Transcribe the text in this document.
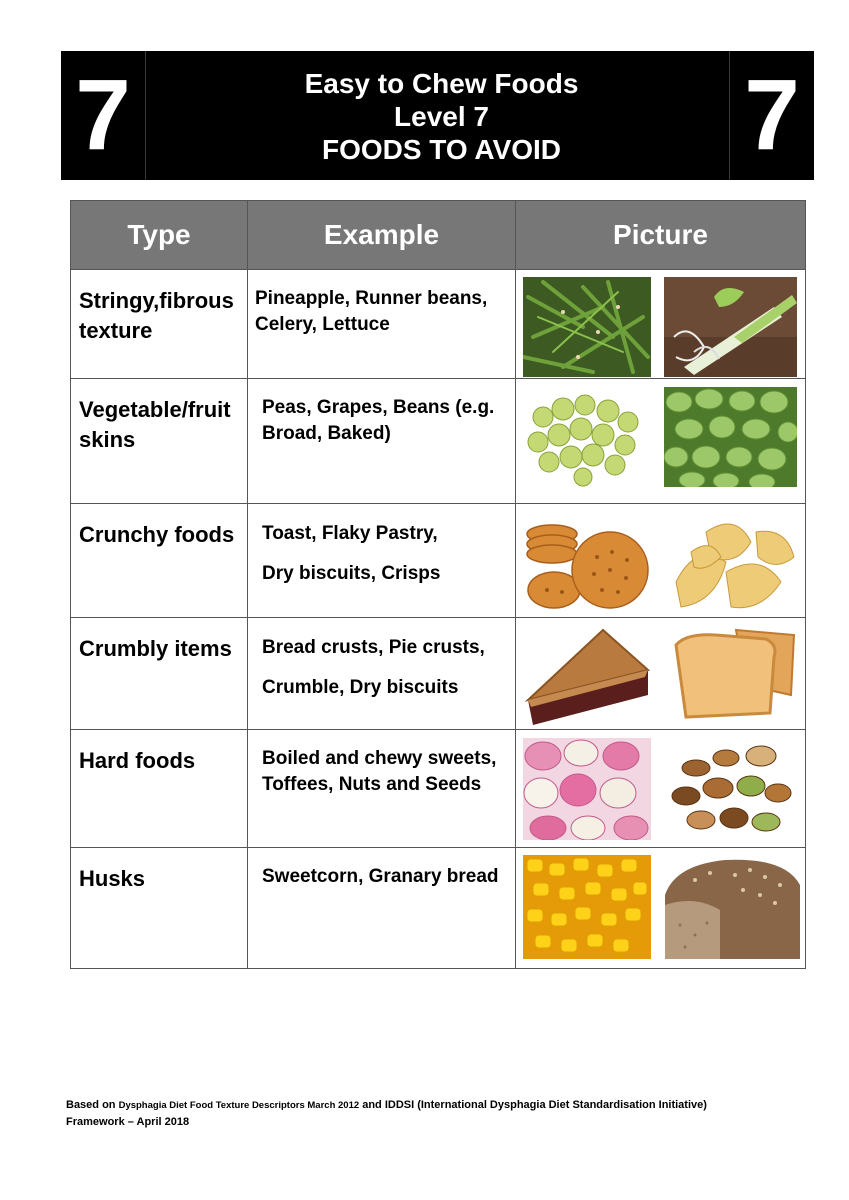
7	Easy to Chew Foods
Level 7
FOODS TO AVOID	7
Type	Example	Picture

Stringy,fibrous texture	Pineapple, Runner beans, Celery, Lettuce

Vegetable/fruit skins	Peas, Grapes, Beans (e.g. Broad, Baked)

Crunchy foods	Toast, Flaky Pastry,
Dry biscuits, Crisps

Crumbly items	Bread crusts, Pie crusts,
Crumble, Dry biscuits

Hard foods	Boiled and chewy sweets, Toffees, Nuts and Seeds

Husks	Sweetcorn, Granary bread

Based on Dysphagia Diet Food Texture Descriptors March 2012 and IDDSI (International Dysphagia Diet Standardisation Initiative)
Framework – April 2018
